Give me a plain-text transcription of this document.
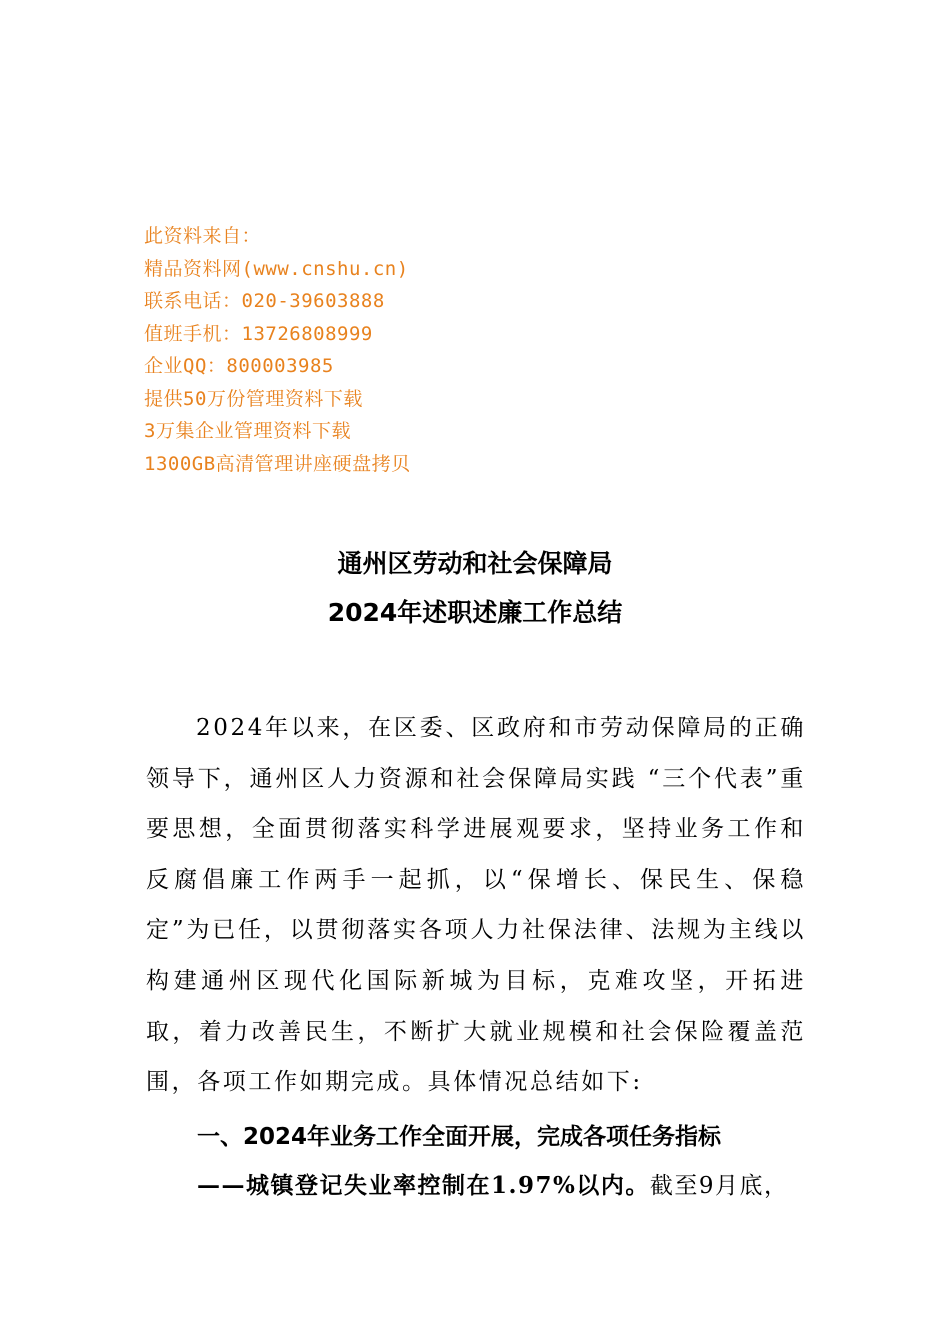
此资料来自：
精品资料网(www.cnshu.cn)
联系电话：020-39603888
值班手机：13726808999
企业QQ：800003985
提供50万份管理资料下载
3万集企业管理资料下载
1300GB高清管理讲座硬盘拷贝
通州区劳动和社会保障局
2024年述职述廉工作总结
2024年以来，在区委、区政府和市劳动保障局的正确领导下，通州区人力资源和社会保障局实践 “三个代表”重要思想，全面贯彻落实科学进展观要求，坚持业务工作和反腐倡廉工作两手一起抓，以“保增长、保民生、保稳定”为已任，以贯彻落实各项人力社保法律、法规为主线以构建通州区现代化国际新城为目标，克难攻坚，开拓进取，着力改善民生，不断扩大就业规模和社会保险覆盖范围，各项工作如期完成。具体情况总结如下:
一、2024年业务工作全面开展，完成各项任务指标
——城镇登记失业率控制在1.97%以内。截至9月底，
